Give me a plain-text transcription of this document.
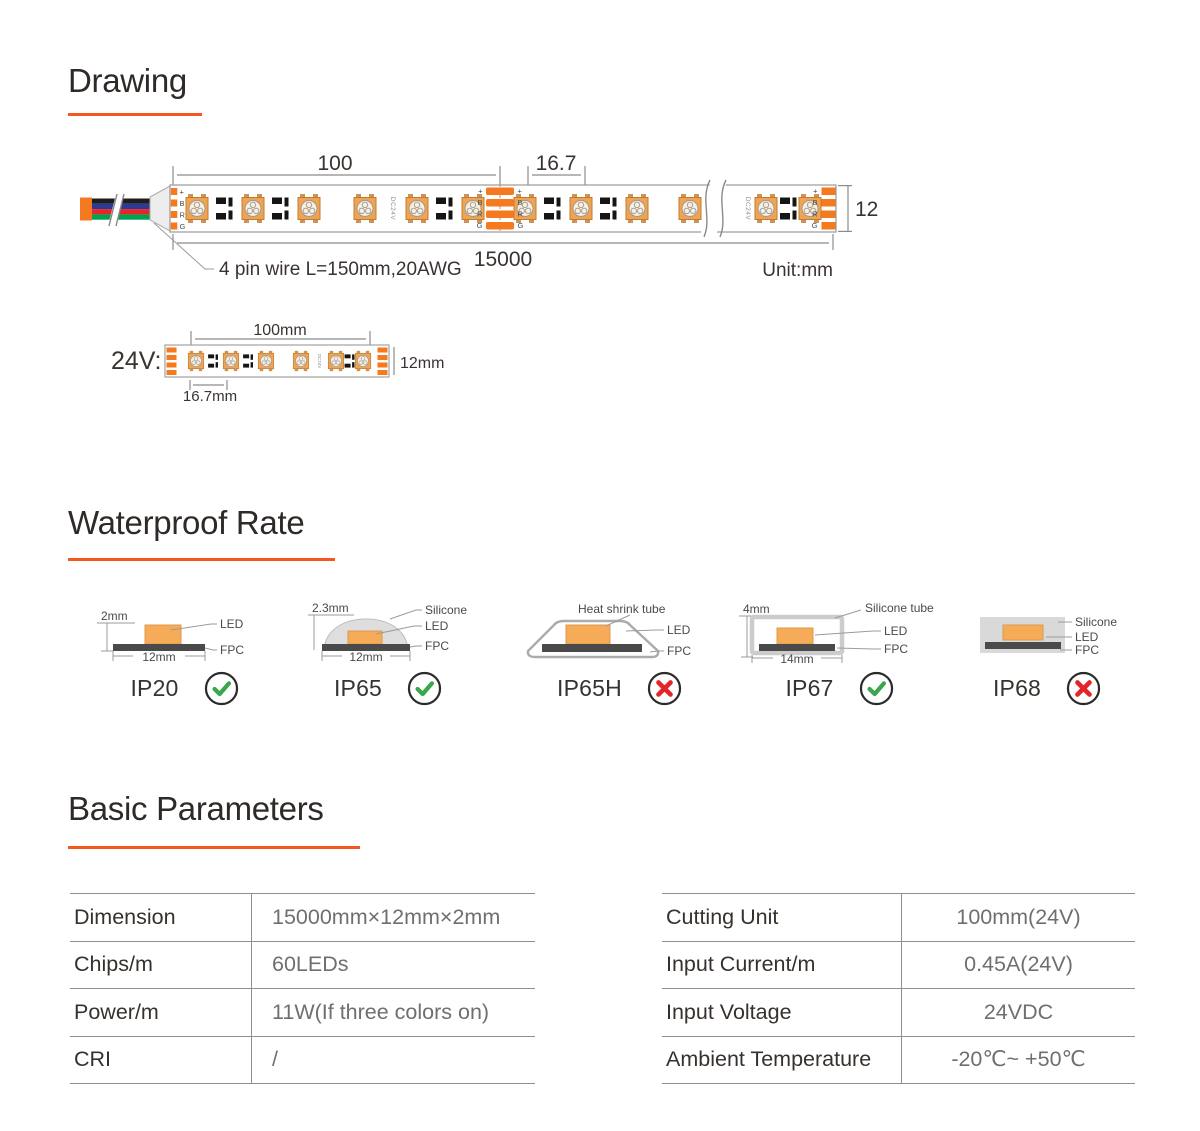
Drawing
100	16.7
+
B
R
G
DC24V	DC24V
+
B
R
G
+
B
R
G
+
B
R
G
12
15000
4 pin wire L=150mm,20AWG	Unit:mm
24V:
100mm
DC24V	12mm
16.7mm
Waterproof Rate
2mm
LED
FPC
12mm
IP20
2.3mm	Silicone
LED
FPC
12mm
IP65
Heat shrink tube
LED
FPC
IP65H
4mm	Silicone tube
LED
FPC
14mm
IP67
Silicone
LED
FPC
IP68
Basic Parameters
Dimension	15000mm×12mm×2mm
Chips/m	60LEDs
Power/m	11W(If three colors on)
CRI	/
Cutting Unit	100mm(24V)
Input Current/m	0.45A(24V)
Input Voltage	24VDC
Ambient Temperature	-20℃~ +50℃
